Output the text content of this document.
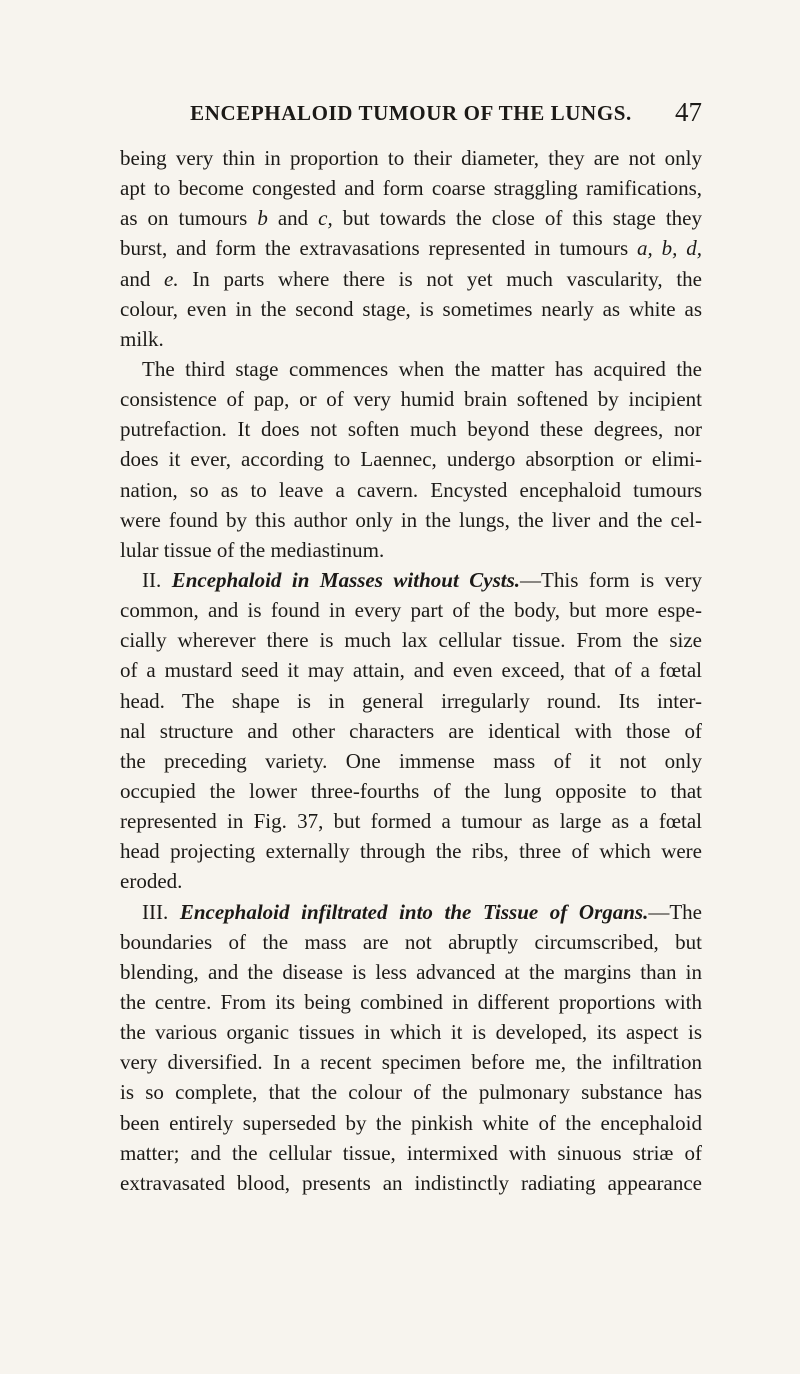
ENCEPHALOID TUMOUR OF THE LUNGS.	47
being very thin in proportion to their diameter, they are not only
apt to become congested and form coarse straggling ramifications,
as on tumours b and c, but towards the close of this stage they
burst, and form the extravasations represented in tumours a, b, d,
and e. In parts where there is not yet much vascularity, the
colour, even in the second stage, is sometimes nearly as white as
milk.
The third stage commences when the matter has acquired the
consistence of pap, or of very humid brain softened by incipient
putrefaction. It does not soften much beyond these degrees, nor
does it ever, according to Laennec, undergo absorption or elimi-
nation, so as to leave a cavern. Encysted encephaloid tumours
were found by this author only in the lungs, the liver and the cel-
lular tissue of the mediastinum.
II. Encephaloid in Masses without Cysts.—This form is very
common, and is found in every part of the body, but more espe-
cially wherever there is much lax cellular tissue. From the size
of a mustard seed it may attain, and even exceed, that of a fœtal
head. The shape is in general irregularly round. Its inter-
nal structure and other characters are identical with those of
the preceding variety. One immense mass of it not only
occupied the lower three-fourths of the lung opposite to that
represented in Fig. 37, but formed a tumour as large as a fœtal
head projecting externally through the ribs, three of which were
eroded.
III. Encephaloid infiltrated into the Tissue of Organs.—The
boundaries of the mass are not abruptly circumscribed, but
blending, and the disease is less advanced at the margins than in
the centre. From its being combined in different proportions with
the various organic tissues in which it is developed, its aspect is
very diversified. In a recent specimen before me, the infiltration
is so complete, that the colour of the pulmonary substance has
been entirely superseded by the pinkish white of the encephaloid
matter; and the cellular tissue, intermixed with sinuous striæ of
extravasated blood, presents an indistinctly radiating appearance
